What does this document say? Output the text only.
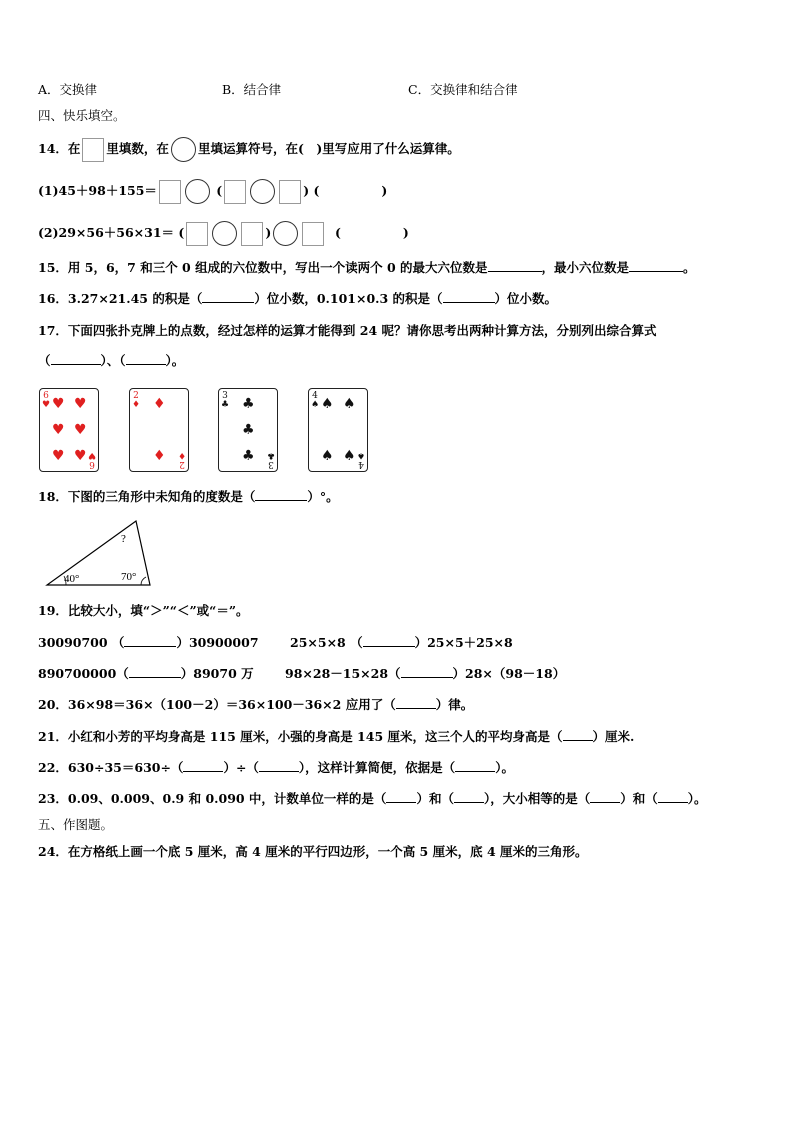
A．交换律	B．结合律	C．交换律和结合律
四、快乐填空。
14．在 里填数，在 里填运算符号，在(　)里写应用了什么运算律。
(1)45＋98＋155＝	(	) (	)
(2)29×56＋56×31＝ (	)	(	)
15．用 5，6，7 和三个 0 组成的六位数中，写出一个读两个 0 的最大六位数是	，最小六位数是	。
16．3.27×21.45 的积是（	）位小数，0.101×0.3 的积是（	）位小数。
17．下面四张扑克牌上的点数，经过怎样的运算才能得到 24 呢？请你思考出两种计算方法，分别列出综合算式
（	）、（	）。
6
♥ ♥ ♥
♥ ♥
♥ ♥ 6
♥
2
♦ ♦
♦ 2
♦
3
♣ ♣
♣
♣ 3
♣
4
♠ ♠ ♠
♠ ♠ 4
♠
18．下图的三角形中未知角的度数是（	）°。
?
40°	70°
19．比较大小，填“＞”“＜”或“＝”。
30090700 （	）30900007	25×5×8 （	）25×5＋25×8
890700000（	）89070 万	98×28－15×28（	）28×（98－18）
20．36×98＝36×（100－2）＝36×100－36×2 应用了（	）律。
21．小红和小芳的平均身高是 115 厘米，小强的身高是 145 厘米，这三个人的平均身高是（ ）厘米.
22．630÷35＝630÷（	）÷（	），这样计算简便，依据是（	）。
23．0.09、0.009、0.9 和 0.090 中，计数单位一样的是（ ）和（ ），大小相等的是（ ）和（ ）。
五、作图题。
24．在方格纸上画一个底 5 厘米，高 4 厘米的平行四边形，一个高 5 厘米，底 4 厘米的三角形。
